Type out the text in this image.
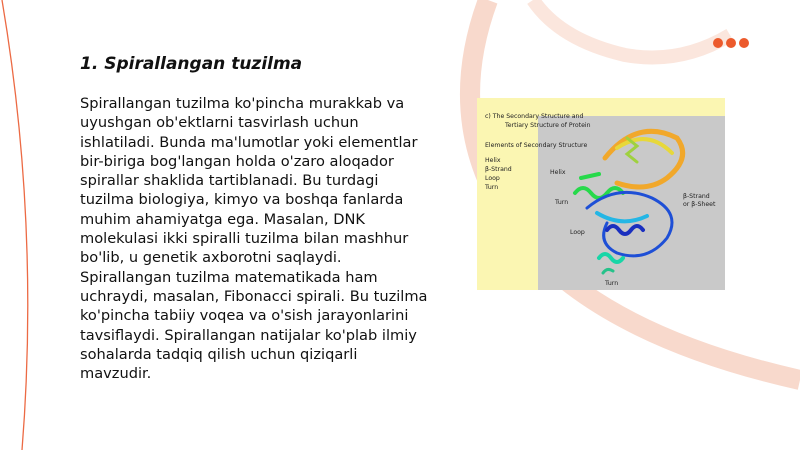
1. Spirallangan tuzilma
Spirallangan tuzilma ko'pincha murakkab va uyushgan ob'ektlarni tasvirlash uchun ishlatiladi. Bunda ma'lumotlar yoki elementlar bir-biriga bog'langan holda o'zaro aloqador spirallar shaklida tartiblanadi. Bu turdagi tuzilma biologiya, kimyo va boshqa fanlarda muhim ahamiyatga ega. Masalan, DNK molekulasi ikki spiralli tuzilma bilan mashhur bo'lib, u genetik axborotni saqlaydi. Spirallangan tuzilma matematikada ham uchraydi, masalan, Fibonacci spirali. Bu tuzilma ko'pincha tabiiy voqea va o'sish jarayonlarini tavsiflaydi. Spirallangan natijalar ko'plab ilmiy sohalarda tadqiq qilish uchun qiziqarli mavzudir.
c) The Secondary Structure and
Tertiary Structure of Protein
Elements of Secondary Structure
Helix
β-Strand
Loop
Turn
Helix
β-Strand
or β-Sheet
Turn
Loop
Turn
